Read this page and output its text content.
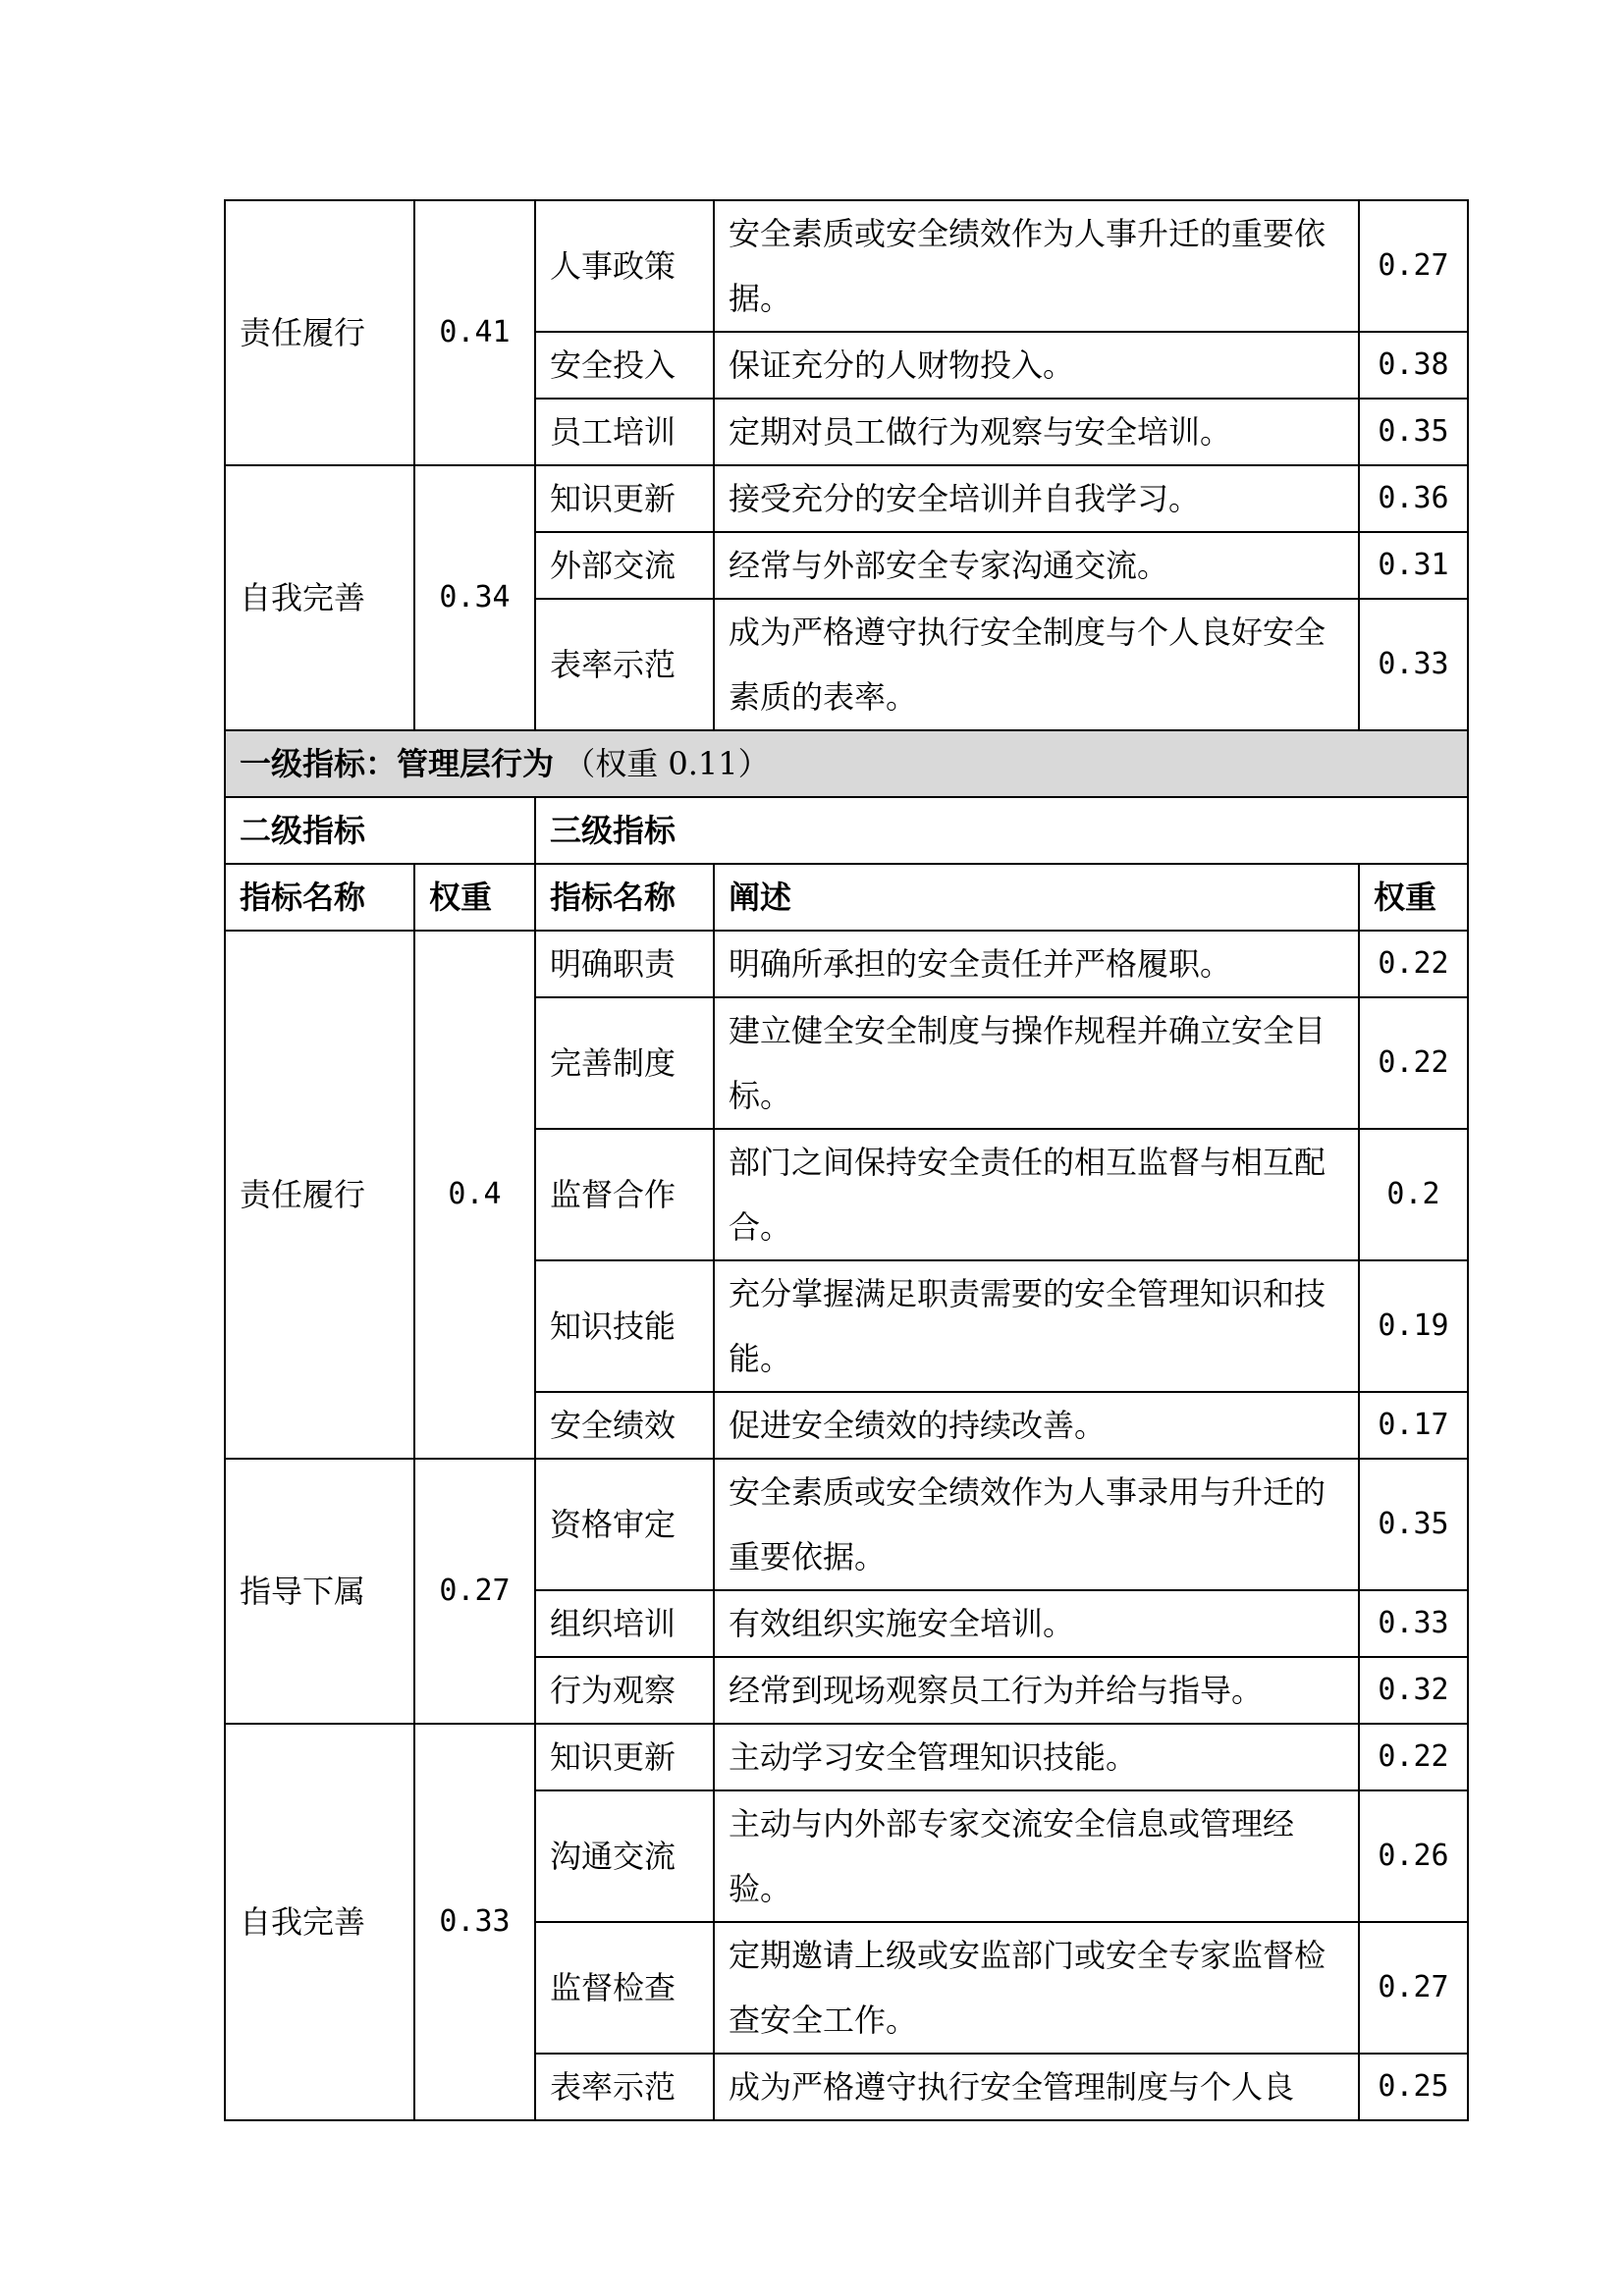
责任履行	0.41	人事政策	安全素质或安全绩效作为人事升迁的重要依据。	0.27
		安全投入	保证充分的人财物投入。	0.38
		员工培训	定期对员工做行为观察与安全培训。	0.35
自我完善	0.34	知识更新	接受充分的安全培训并自我学习。	0.36
		外部交流	经常与外部安全专家沟通交流。	0.31
		表率示范	成为严格遵守执行安全制度与个人良好安全素质的表率。	0.33
一级指标：管理层行为 （权重 0.11）				
二级指标		三级指标		
指标名称	权重	指标名称	阐述	权重
责任履行	0.4	明确职责	明确所承担的安全责任并严格履职。	0.22
		完善制度	建立健全安全制度与操作规程并确立安全目标。	0.22
		监督合作	部门之间保持安全责任的相互监督与相互配合。	0.2
		知识技能	充分掌握满足职责需要的安全管理知识和技能。	0.19
		安全绩效	促进安全绩效的持续改善。	0.17
指导下属	0.27	资格审定	安全素质或安全绩效作为人事录用与升迁的重要依据。	0.35
		组织培训	有效组织实施安全培训。	0.33
		行为观察	经常到现场观察员工行为并给与指导。	0.32
自我完善	0.33	知识更新	主动学习安全管理知识技能。	0.22
		沟通交流	主动与内外部专家交流安全信息或管理经验。	0.26
		监督检查	定期邀请上级或安监部门或安全专家监督检查安全工作。	0.27
		表率示范	成为严格遵守执行安全管理制度与个人良	0.25
